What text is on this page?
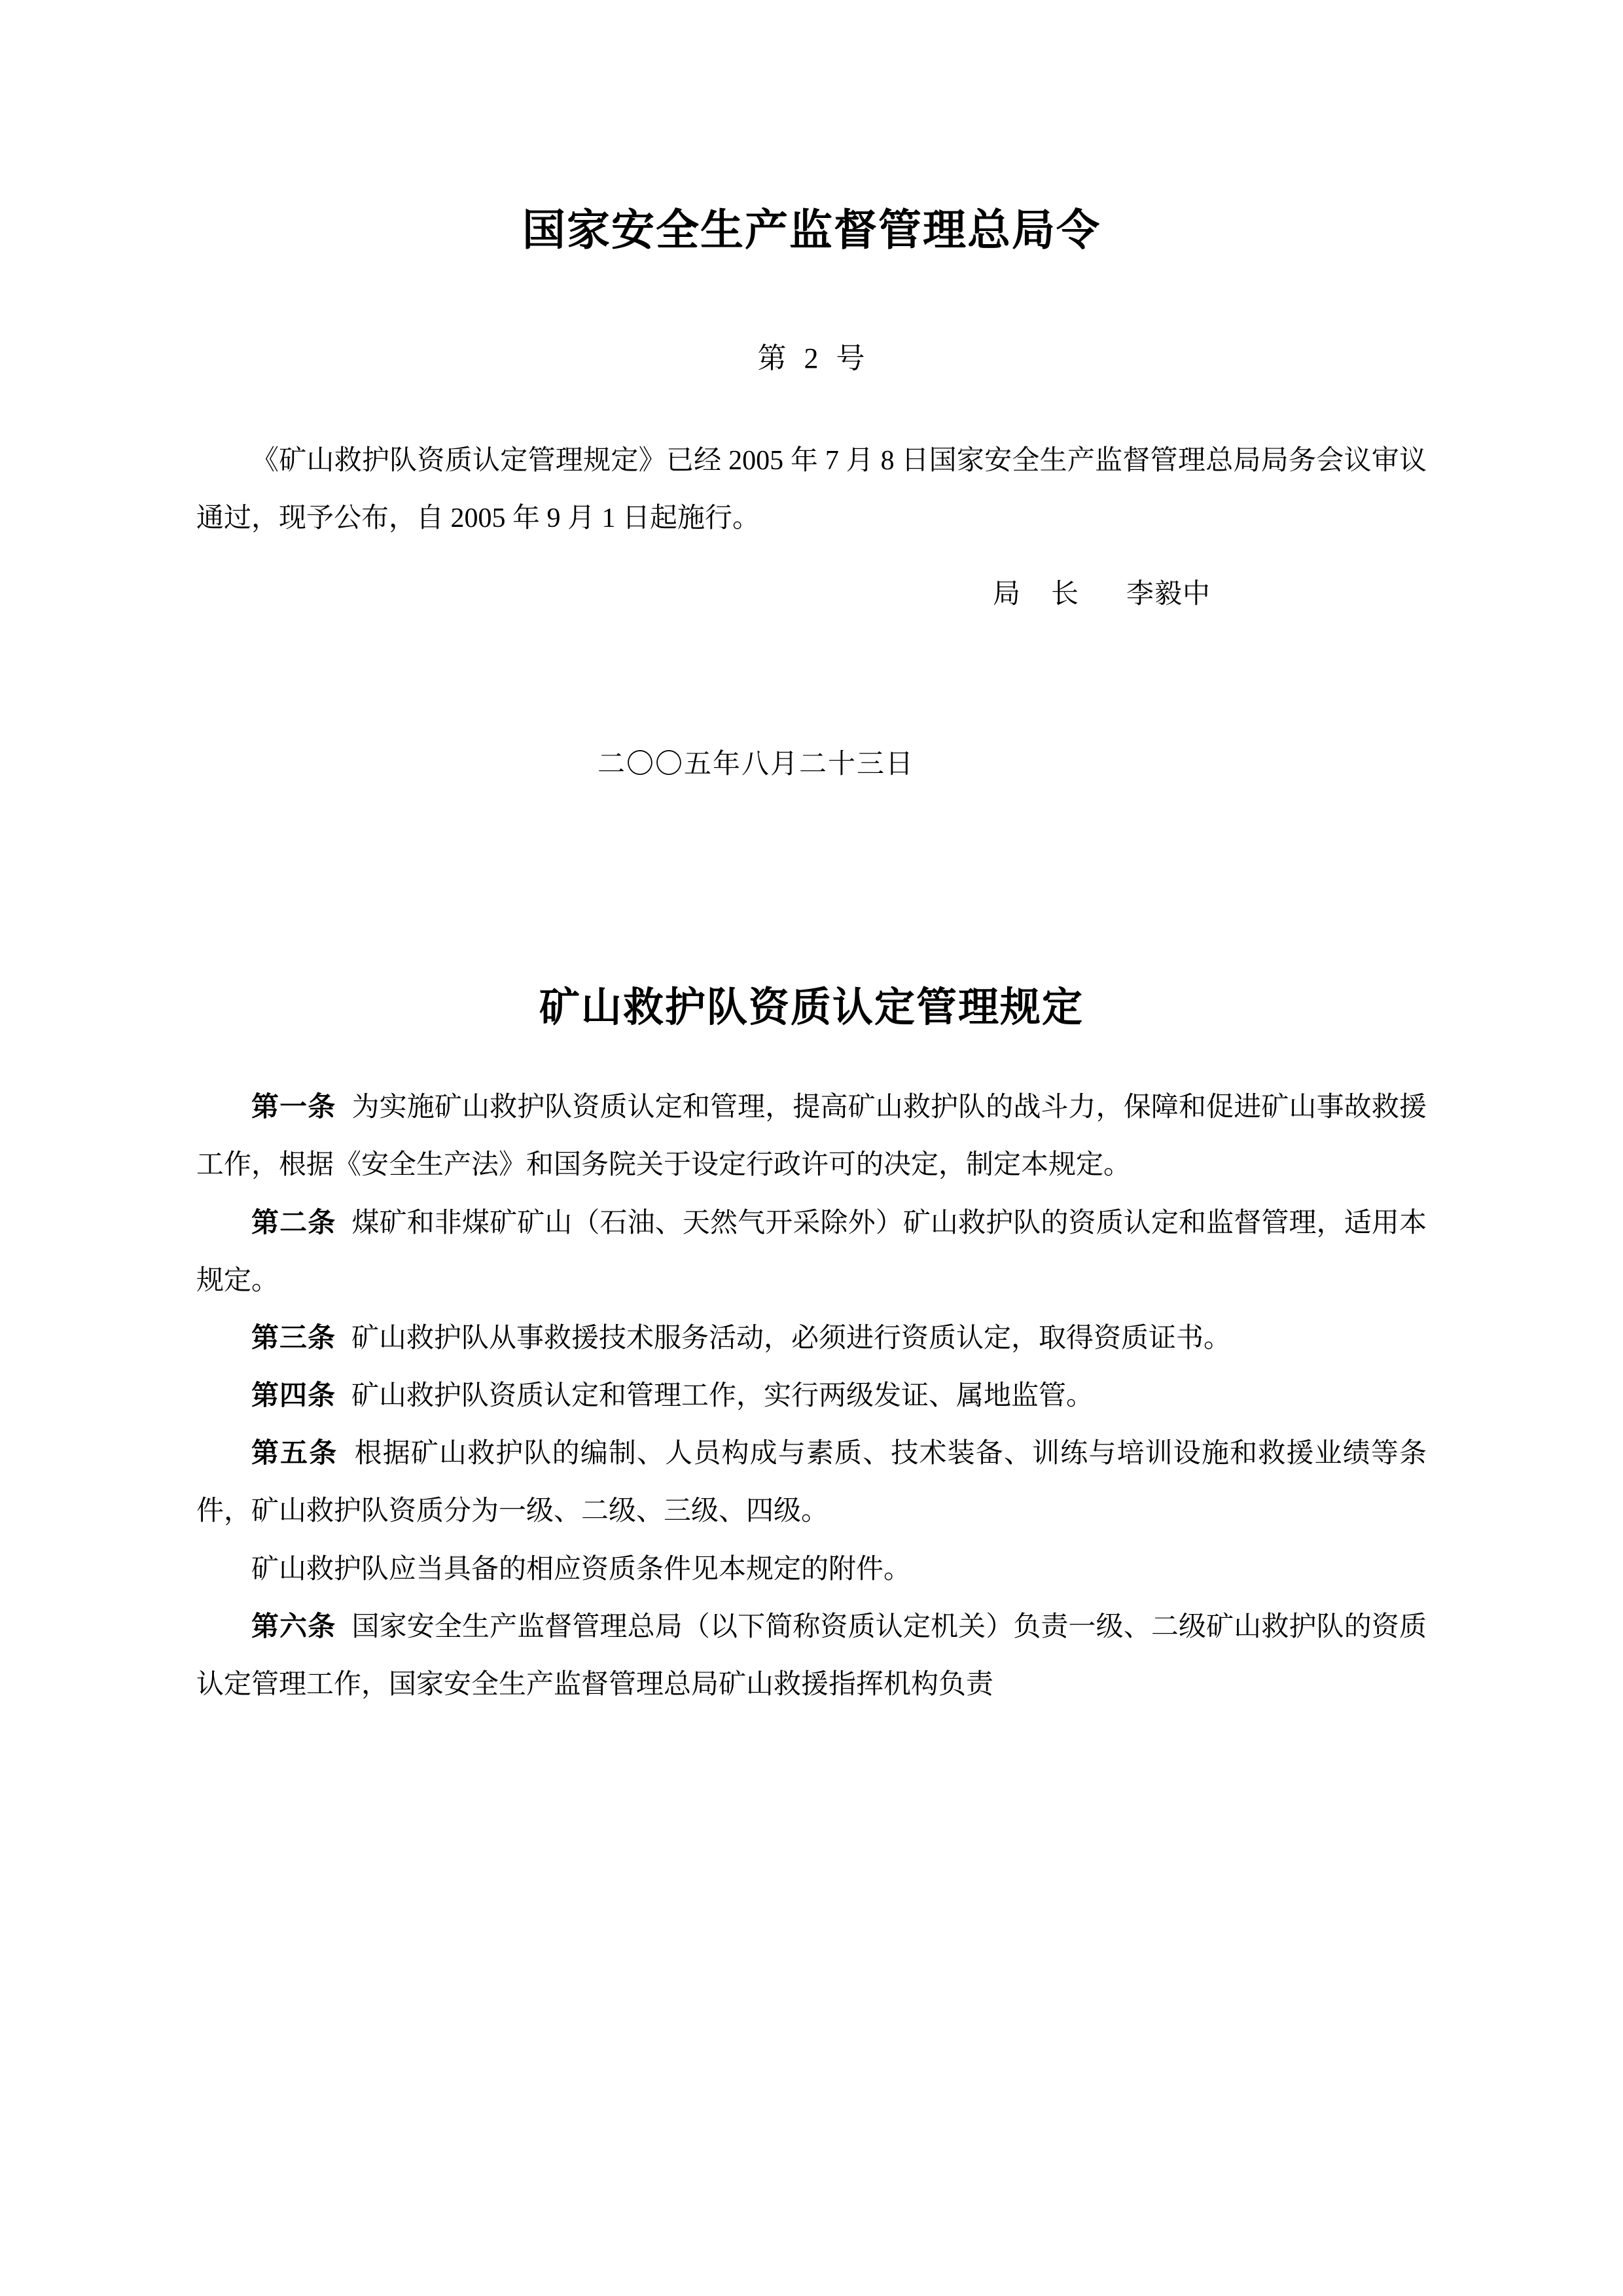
国家安全生产监督管理总局令
第 2 号

《矿山救护队资质认定管理规定》已经 2005 年 7 月 8 日国家安全生产监督管理总局局务会议审议通过，现予公布，自 2005 年 9 月 1 日起施行。

局 长 李毅中
二〇〇五年八月二十三日
矿山救护队资质认定管理规定

第一条 为实施矿山救护队资质认定和管理，提高矿山救护队的战斗力，保障和促进矿山事故救援工作，根据《安全生产法》和国务院关于设定行政许可的决定，制定本规定。

第二条 煤矿和非煤矿矿山（石油、天然气开采除外）矿山救护队的资质认定和监督管理，适用本规定。

第三条 矿山救护队从事救援技术服务活动，必须进行资质认定，取得资质证书。

第四条 矿山救护队资质认定和管理工作，实行两级发证、属地监管。

第五条 根据矿山救护队的编制、人员构成与素质、技术装备、训练与培训设施和救援业绩等条件，矿山救护队资质分为一级、二级、三级、四级。

矿山救护队应当具备的相应资质条件见本规定的附件。

第六条 国家安全生产监督管理总局（以下简称资质认定机关）负责一级、二级矿山救护队的资质认定管理工作，国家安全生产监督管理总局矿山救援指挥机构负责
